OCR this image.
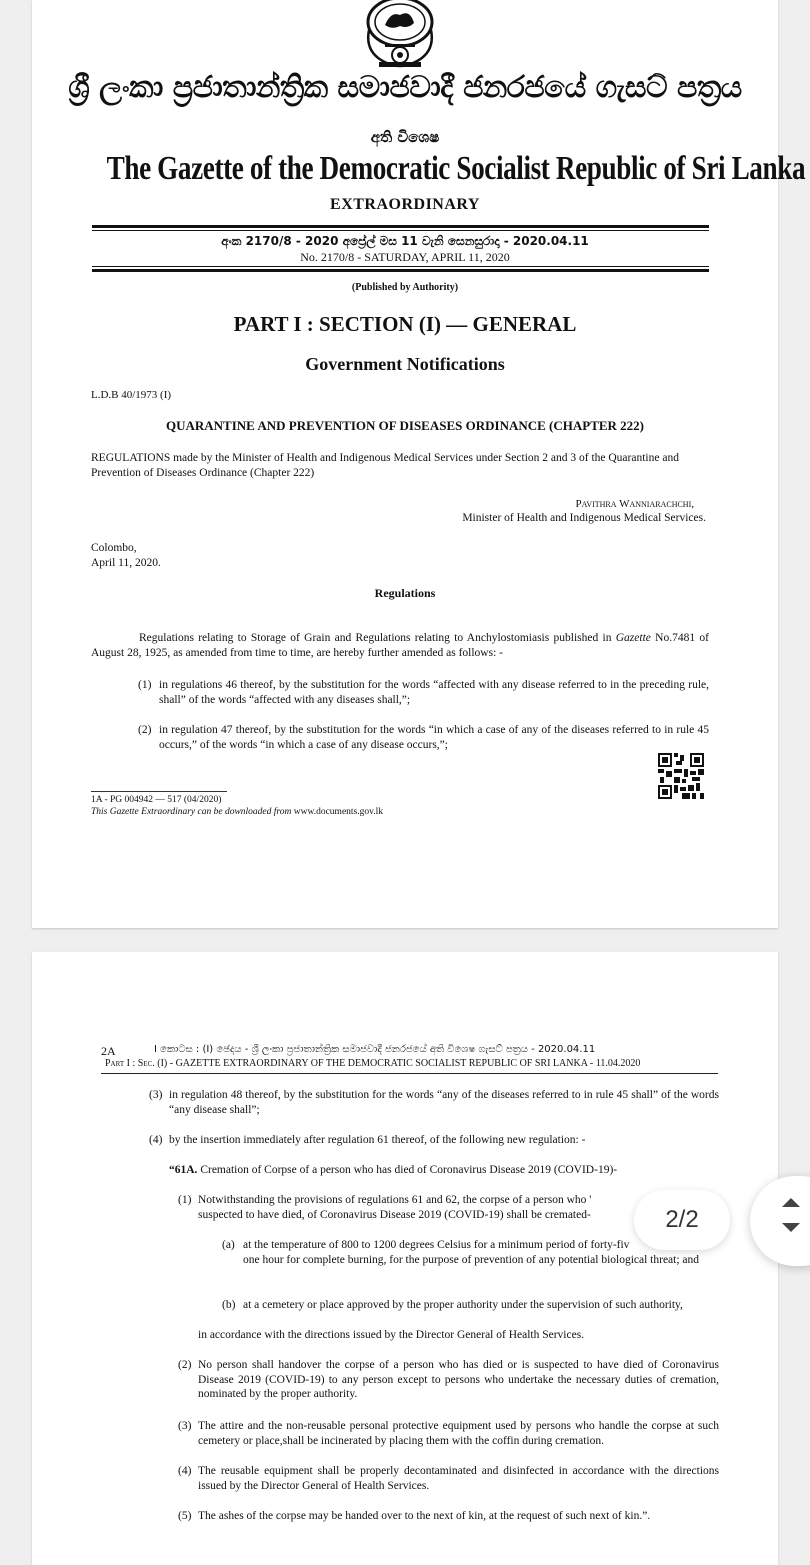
ශ්‍රී ලංකා ප්‍රජාතාන්ත්‍රික සමාජවාදී ජනරජයේ ගැසට් පත්‍රය
අති විශෙෂ
The Gazette of the Democratic Socialist Republic of Sri Lanka
EXTRAORDINARY
අංක 2170/8 - 2020 අප්‍රේල් මස 11 වැනි සෙනසුරාදා - 2020.04.11
No. 2170/8 - SATURDAY, APRIL 11, 2020
(Published by Authority)
PART I : SECTION (I) — GENERAL
Government Notifications
L.D.B 40/1973 (I)
QUARANTINE AND PREVENTION OF DISEASES ORDINANCE (CHAPTER 222)
REGULATIONS made by the Minister of Health and Indigenous Medical Services under Section 2 and 3 of the Quarantine and Prevention of Diseases Ordinance (Chapter 222)
Pavithra Wanniarachchi,
Minister of Health and Indigenous Medical Services.
Colombo,
April 11, 2020.
Regulations
Regulations relating to Storage of Grain and Regulations relating to Anchylostomiasis published in Gazette No.7481 of August 28, 1925, as amended from time to time, are hereby further amended as follows: -
(1) in regulations 46 thereof, by the substitution for the words “affected with any disease referred to in the preceding rule, shall” of the words “affected with any diseases shall,”;
(2) in regulation 47 thereof, by the substitution for the words “in which a case of any of the diseases referred to in rule 45 occurs,” of the words “in which a case of any disease occurs,”;
1A - PG 004942 — 517 (04/2020)
This Gazette Extraordinary can be downloaded from www.documents.gov.lk
2A	I කොටස : (I) ඡෙදය - ශ්‍රී ලංකා ප්‍රජාතාන්ත්‍රික සමාජවාදී ජනරජයේ අති විශෙෂ ගැසට් පත්‍රය - 2020.04.11
Part I : Sec. (I) - GAZETTE EXTRAORDINARY OF THE DEMOCRATIC SOCIALIST REPUBLIC OF SRI LANKA - 11.04.2020
(3) in regulation 48 thereof, by the substitution for the words “any of the diseases referred to in rule 45 shall” of the words “any disease shall”;
(4) by the insertion immediately after regulation 61 thereof, of the following new regulation: -
“61A. Cremation of Corpse of a person who has died of Coronavirus Disease 2019 (COVID-19)-
(1) Notwithstanding the provisions of regulations 61 and 62, the corpse of a person who '
suspected to have died, of Coronavirus Disease 2019 (COVID-19) shall be cremated-
(a) at the temperature of 800 to 1200 degrees Celsius for a minimum period of forty-fiv
one hour for complete burning, for the purpose of prevention of any potential biological threat; and
(b) at a cemetery or place approved by the proper authority under the supervision of such authority,
in accordance with the directions issued by the Director General of Health Services.
(2) No person shall handover the corpse of a person who has died or is suspected to have died of Coronavirus Disease 2019 (COVID-19) to any person except to persons who undertake the necessary duties of cremation, nominated by the proper authority.
(3) The attire and the non-reusable personal protective equipment used by persons who handle the corpse at such cemetery or place,shall be incinerated by placing them with the coffin during cremation.
(4) The reusable equipment shall be properly decontaminated and disinfected in accordance with the directions issued by the Director General of Health Services.
(5) The ashes of the corpse may be handed over to the next of kin, at the request of such next of kin.”.
2/2
